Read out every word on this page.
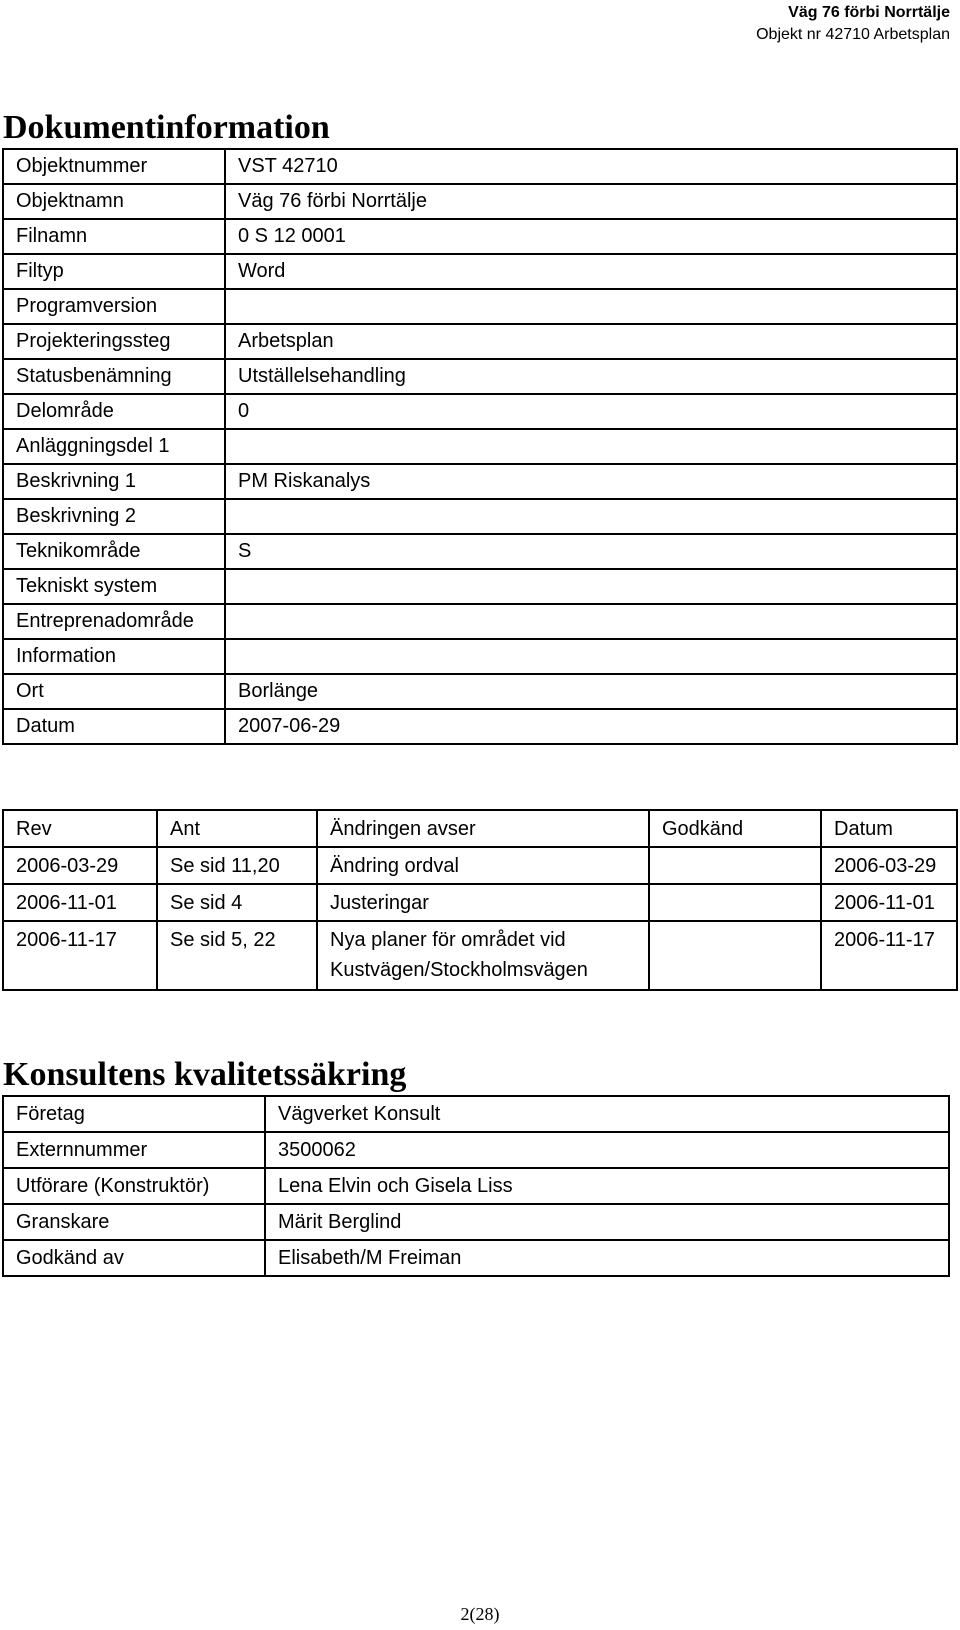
Väg 76 förbi Norrtälje
Objekt nr 42710 Arbetsplan
Dokumentinformation
Objektnummer	VST 42710
Objektnamn	Väg 76 förbi Norrtälje
Filnamn	0 S 12 0001
Filtyp	Word
Programversion	
Projekteringssteg	Arbetsplan
Statusbenämning	Utställelsehandling
Delområde	0
Anläggningsdel 1	
Beskrivning 1	PM Riskanalys
Beskrivning 2	
Teknikområde	S
Tekniskt system	
Entreprenadområde	
Information	
Ort	Borlänge
Datum	2007-06-29
Rev	Ant	Ändringen avser	Godkänd	Datum
2006-03-29	Se sid 11,20	Ändring ordval		2006-03-29
2006-11-01	Se sid 4	Justeringar		2006-11-01
2006-11-17	Se sid 5, 22	Nya planer för området vid
Kustvägen/Stockholmsvägen		2006-11-17
Konsultens kvalitetssäkring
Företag	Vägverket Konsult
Externnummer	3500062
Utförare (Konstruktör)	Lena Elvin och Gisela Liss
Granskare	Märit Berglind
Godkänd av	Elisabeth/M Freiman
2(28)
